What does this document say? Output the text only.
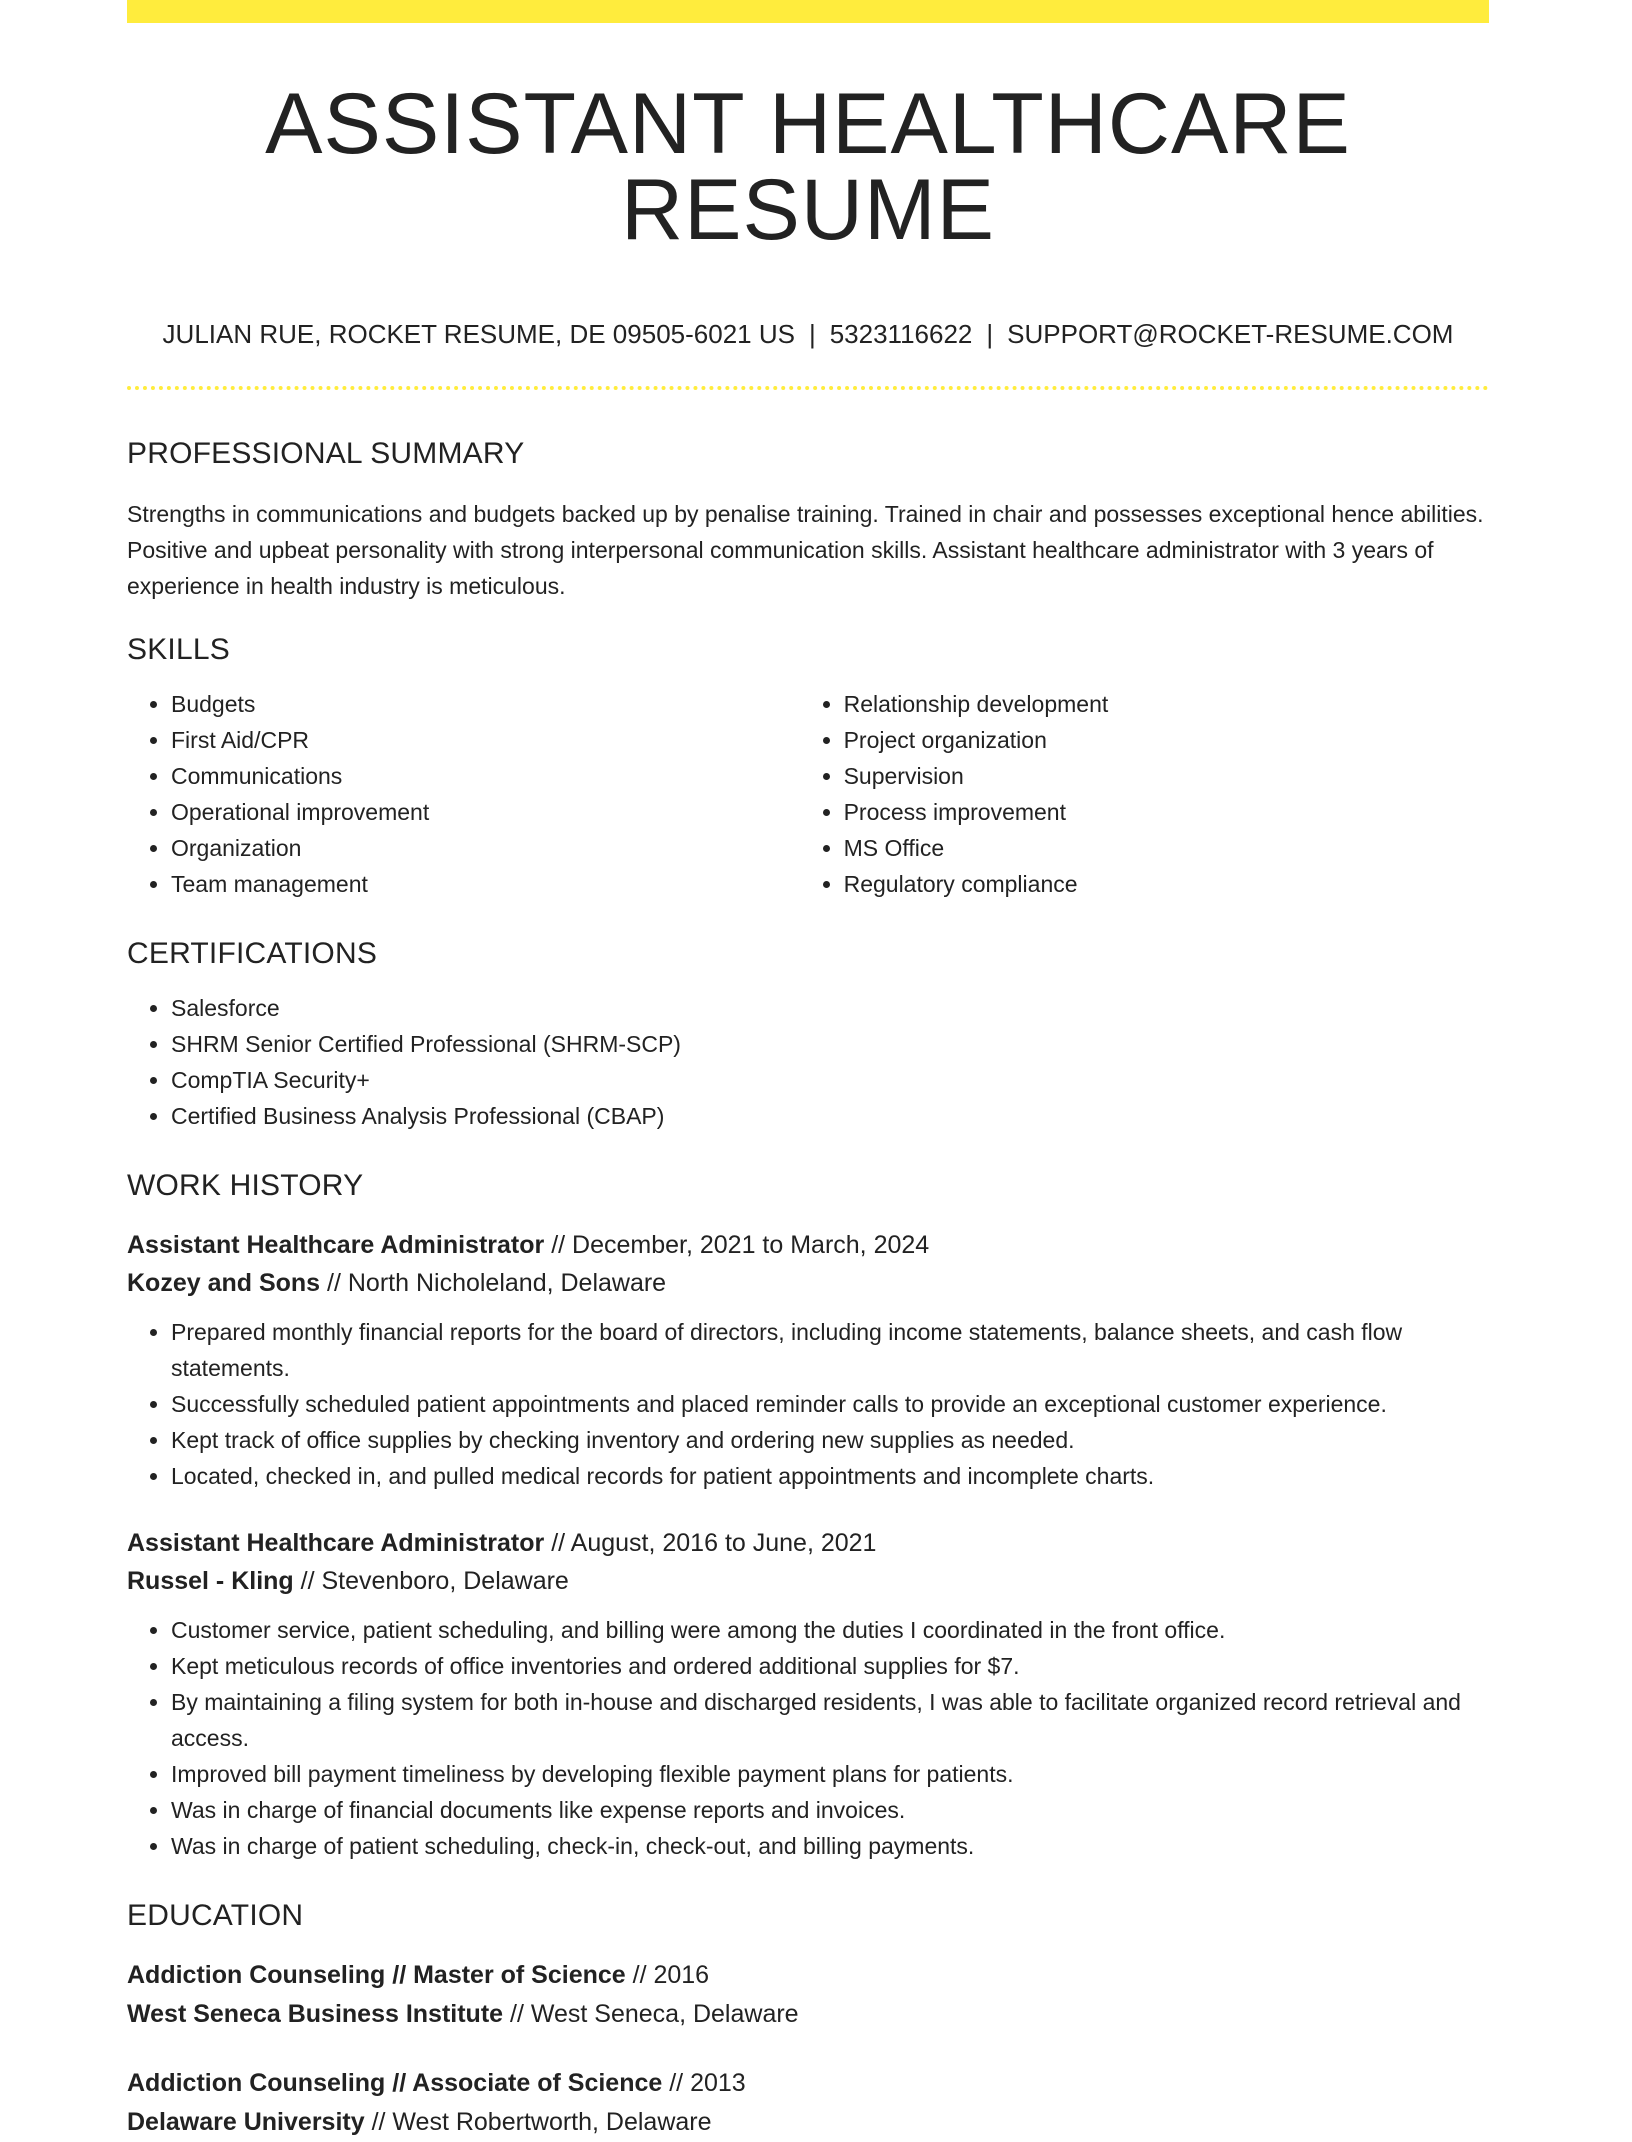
ASSISTANT HEALTHCARE RESUME
JULIAN RUE, ROCKET RESUME, DE 09505-6021 US | 5323116622 | SUPPORT@ROCKET-RESUME.COM
PROFESSIONAL SUMMARY

Strengths in communications and budgets backed up by penalise training. Trained in chair and possesses exceptional hence abilities. Positive and upbeat personality with strong interpersonal communication skills. Assistant healthcare administrator with 3 years of experience in health industry is meticulous.

SKILLS
• Budgets
• First Aid/CPR
• Communications
• Operational improvement
• Organization
• Team management
• Relationship development
• Project organization
• Supervision
• Process improvement
• MS Office
• Regulatory compliance
CERTIFICATIONS
• Salesforce
• SHRM Senior Certified Professional (SHRM-SCP)
• CompTIA Security+
• Certified Business Analysis Professional (CBAP)
WORK HISTORY
Assistant Healthcare Administrator // December, 2021 to March, 2024
Kozey and Sons // North Nicholeland, Delaware
• Prepared monthly financial reports for the board of directors, including income statements, balance sheets, and cash flow statements.
• Successfully scheduled patient appointments and placed reminder calls to provide an exceptional customer experience.
• Kept track of office supplies by checking inventory and ordering new supplies as needed.
• Located, checked in, and pulled medical records for patient appointments and incomplete charts.
Assistant Healthcare Administrator // August, 2016 to June, 2021
Russel - Kling // Stevenboro, Delaware
• Customer service, patient scheduling, and billing were among the duties I coordinated in the front office.
• Kept meticulous records of office inventories and ordered additional supplies for $7.
• By maintaining a filing system for both in-house and discharged residents, I was able to facilitate organized record retrieval and access.
• Improved bill payment timeliness by developing flexible payment plans for patients.
• Was in charge of financial documents like expense reports and invoices.
• Was in charge of patient scheduling, check-in, check-out, and billing payments.
EDUCATION
Addiction Counseling // Master of Science // 2016
West Seneca Business Institute // West Seneca, Delaware
Addiction Counseling // Associate of Science // 2013
Delaware University // West Robertworth, Delaware
